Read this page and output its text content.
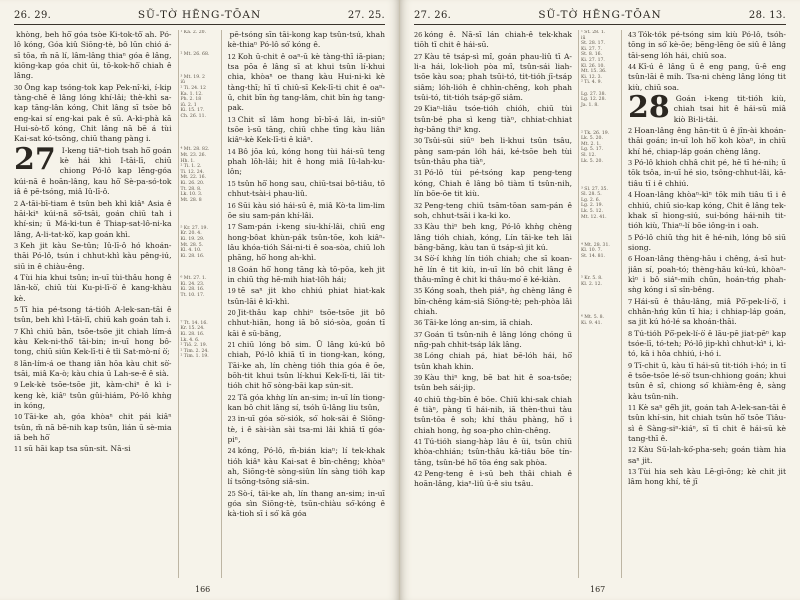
26. 29.	SŨ-TÒ͘ HĒNG-TŌAN	27. 25.

khòng, beh hō͘ góa tsòe Ki-tok-tô͘ ah. Pó-lô kóng, Góa kiû Siōng-tè, bô lūn chió á-sī tōa, m̄ nā lí, lâm-lâng thiaⁿ góa ê lâng, kiōng-kap góa chit ūi, tō-kok-hô͘ chiah ê lâng.

30 Ông kap tsóng-tok kap Pek-nî-ki, í-kip tàng-chē ê lâng lóng khí-lâi; thè-khì sa-kap tāng-lân kóng, Chit lâng sī tsòe bô eng-kai sí eng-kai pak ê sū. A-ki-phà kā Hui-sò-tô͘ kóng, Chit lâng nā bē á tùi Kai-sat kó-tsōng, chiū thang pàng i.

27 I-keng tiāⁿ-tioh tsah hō͘ goán kè hái khì I-tāi-lī, chiū chiong Pó-lô kap lēng-góa kúi-nā ê hoān-lâng, kau hō͘ Sè-pa-só-tok iâ ê pē-tsóng, miâ Iû-lī-ô.

2 A-tāi-bī-tiam ê tsûn beh khì kiâⁿ Asia ê hāi-kiⁿ kúi-nā sō͘-tsāi, goán chiū tah i khí-sin; ū Má-ki-tun ê Thiap-sat-lô-ni-ka lâng, A-li-tat-kò͘, kap goán khì.

3 Keh jit kàu Se-tûn; Iû-lī-ô hó khoán-thāi Pó-lô, tsún i chhut-khì kàu pêng-iú, siū in ê chiàu-êng.

4 Tùi hia khui tsûn; in-uī tùi-thâu hong ê lân-kò͘, chiū tùi Ku-pi-lī-ò͘ ê kang-khàu kè.

5 Tī hia pé-tsong tá-tióh A-lek-san-tāi ê tsûn, beh khì I-tāi-lī, chiū kah goán tah i.

7 Khì chiū bān, tsōe-tsōe jit chiah lím-á kàu Kek-ni-thô͘ tāi-bin; in-uī hong bô-tong, chiū siûn Kek-lī-ti ê tîi Sat-mò-ní ò͘;

8 lān-lím-á oe thang iân hōa kàu chit sò͘-tsāi, miâ Ka-ò; kàu chia ū Lah-se-ē ê sià.

9 Lek-kè tsōe-tsōe jit, kàm-chiⁿ ê kì i-keng kè, kiâⁿ tsûn gûi-hiám, Pó-lô khǹg in kóng,

10 Tāi-ke ah, góa khòaⁿ chit pái kiâⁿ tsûn, m̄ nā bē-nih kap tsûn, lián ū sè-mia iā beh hō͘

11 sū hāi kap tsa sūn-sit. Nā-si

¹ Ka. 2. 20.

² Mt. 26. 68.

³ Mt. 19. 2
iū
² Ti. 24. 12
Ka. 1. 12.
Ph. 2. 18
iū. 2. 1
Ki. 15. 17.
Ch. 26. 11.

⁴ Mt. 28. 82.
Mt. 23. 26.
Hh. 1.
² Ti. 1. 2.
Ti. 12. 24.
Mt. 22. 16.
Ki. 26. 20.
Tt. 28. 8.
Lk. 10. 3.
Mt. 28. 8

⁵ Kr. 27. 19.
Kr. 20. 4.
Ki. 19. 29.
Mt. 28. 5.
Kl. 4. 10.
Ki. 28. 16.

⁶ Mt. 27. 1.
Ki. 24. 23.
Ki. 28. 16.
Tt. 10. 17.

⁷ Tt. 14. 16.
Kr. 15. 24.
Ki. 28. 16.
Lk. 4. 6.
² Tiō. 2. 19.
² Tim. 2. 24.
² Tim. 1. 19.

pē-tsóng sīn tāi-kong kap tsûn-tsú, khah kè-thiaⁿ Pó-lô só͘ kóng ê.

12 Koh ū-chit ê oaⁿ-ū kè tàng-thī iā-pian; tsa pōa ê lâng sī at khui tsûn lí-khui chia, khòaⁿ oe thang kàu Hui-ni-ki kè tàng-thī; hī tī chiû-sī Kek-lī-ti chit ê oaⁿ-ū, chit bīn ǹg tang-lâm, chit bīn ǹg tang-pak.

13 Chit sî lâm hong bī-bī-á lâi, in-siūⁿ tsōe ì-sū tāng, chiū chhe tīng kàu liân kiâⁿ-kè Kek-lī-ti ê kiâⁿ.

14 Bô jōa kú, kóng hong tùi hái-sū teng phah lōh-lâi; hit ê hong miâ Iû-lah-ku-lôn;

15 tsûn hō͘ hong sau, chiū-tsai bô-tiâu, tō chhut-tsài-i phau-liû.

16 Sūi kàu sió hái-sū ê, miâ Kò-ta lim-lim ōe siu sam-pán khí-lâi.

17 Sam-pán i-keng siu-khí-lâi, chiū eng hong-bôat khùn-pák tsûn-tōe, koh kiâⁿ-lâu khóa-tióh Sái-ni-ti ê soa-sòa, chiū loh phāng, hō͘ hong ah-khì.

18 Goán hō͘ hong tāng kà tō-pōa, keh jit in chiū tǹg hē-mih hiat-lōh hái;

19 tē saⁿ jit kho chhiú phiat hiat-kak tsûn-lāi ê kī-khì.

20 Jit-thâu kap chhiⁿ tsōe-tsōe jit bô chhut-hiān, hong iā bô sió-sòa, goán tī kāi ê sū-bāng,

21 chiū lóng bô sim. Ū lâng kú-kú bô chiah, Pó-lô khiā tī in tiong-kan, kóng, Tāi-ke ah, lín chèng tióh thia góa ê ōe, bōh-tit khui tsûn lí-khui Kek-lī-ti, lāi tit-tióh chit hō͘ sòng-bāi kap sún-sit.

22 Tā góa khǹg lín an-sim; in-uī lín tiong-kan bô chit lâng sí, tsóh ū-lâng liu tsûn,

23 in-uī góa sò͘-siók, só͘ hok-sāi ê Siōng-tè, i ê sài-iàn sài tsa-mi lâi khiā tī góa-piⁿ,

24 kóng, Pó-lô, m̄-bián kiaⁿ; lí tek-khak tióh kiâⁿ kàu Kai-sat ê bīn-chêng; khòaⁿ ah, Siōng-tè sòng-siûn lín sàng tióh kap lí tsōng-tsōng siâ-sin.

25 Sò-í, tāi-ke ah, lín thang an-sim; in-uī góa sìn Siōng-tè, tsūn-chiàu só͘-kóng ê kà-tioh sī i só͘ kā góa

166
27. 26.	SŨ-TÒ͘ HĒNG-TŌAN	28. 13.

26 kóng ê. Nā-sī lán chiah-ê tek-khak tiōh tī chit ê hái-sū.

27 Kàu tē tsáp-sì mî, goán phau-liû tī A-li-a hái, lok-lioh pòa mî, tsûn-sái liah-tsōe kàu soa; phah tsūi-tó, tit-tióh jī-tsáp siâm; lóh-lióh ê chhìn-chēng, koh phah tsûi-tó, tit-tióh tsáp-gō͘ siâm.

29 Kiaⁿ-liâu tsóe-tióh chióh, chiū tùi tsûn-bé pha sì keng tiàⁿ, chhiat-chhiat ǹg-bāng thiⁿ kng.

30 Tsûi-sūi siūⁿ beh li-khui tsûn tsâu, pàng sam-pán lóh hái, ké-tsōe beh tùi tsûn-thâu pha tiàⁿ,

31 Pó-lô tùi pé-tsóng kap peng-teng kóng, Chiah ê lâng bô tiàm tī tsûn-nih, lín bōe-ōe tit kiù.

32 Peng-teng chiū tsām-tōan sam-pán ê soh, chhut-tsāi i ka-ki ko.

33 Kàu thiⁿ beh kng, Pó-lô khǹg chèng lâng tióh chiah, kóng, Lín tāi-ke teh lāi bāng-bāng, kàu tan ū tsáp-sì jit kú.

34 Sò͘-í khǹg lín tióh chiah; che sī koan-hē lín ê tit kiù, in-uī lín bô chit lâng ê thâu-mîng ê chit ki thâu-mo͘ ē ké-kiàn.

35 Kóng soah, theh piáⁿ, ǹg chèng lâng ê bīn-chêng kám-siā Siōng-tè; peh-phòa lâi chiah.

36 Tāi-ke lóng an-sim, iā chiah.

37 Goán tī tsûn-nih ê lâng lóng chóng ū nñg-pah chhit-tsáp lák lâng.

38 Lóng chiah pá, hiat bē-lóh hái, hō͘ tsûn khah khin.

39 Kàu thiⁿ kng, bē bat hit ê soa-tsôe; tsûn beh sái-jip.

40 chiū tǹg-bīn ê bōe. Chiū khi-sak chiah ê tiàⁿ, pàng tī hái-nih, iā thèn-thui tàu tsûn-tōa ê soh; khí thâu phàng, hō͘ i chiah hong, ǹg soa-pho chìn-chêng.

41 Tú-tióh siang-hàp lâu ê ūi, tsûn chiū khòa-chhián; tsûn-thâu kā-tiâu bōe tín-tāng, tsûn-bé hō͘ tōa éng sak phòa.

42 Peng-teng ê i-sū beh thâi chiah ê hoān-lâng, kiaⁿ-liû ū-ê siu tsâu.

¹ St. 28. 1.
iū
St. 28. 17.
Ki. 27. 7.
St. 8. 16.
Ki. 27. 17.
Kl. 26. 10.
Mt. 15. 36.
Ki. 12. 3.
² Ti. 4. 9.

Lg. 27. 38.
Lg. 12. 28.
Ja. 1. 8.

² Tk. 26. 19.
Lk. 5. 20.
Mt. 2. 1.
Lg. 5. 17.
Sl. 12.
Lk. 5. 20.

³ Sl. 27. 35.
Sl. 28. 5.
Lg. 2. 6.
Lg. 2. 19.
Lk. 5. 12.
Mt. 12. 41.

⁴ Mt. 28. 31.
Kl. 10. 7.
St. 14. 81.

⁵ Kr. 5. 8.
Kl. 2. 12.

⁶ Mt. 5. 8.
Ki. 9. 41.

43 Tók-tók pé-tsóng sim kiù Pó-lô, tsóh-tōng in só͘ kè-ōe; bēng-lēng ōe siû ê lâng tāi-seng lóh hái, chiū soa.

44 Kî-ú ê lâng ū ê eng pang, ū-ê eng tsûn-lāi ê mih. Tsa-ni chèng lâng lóng tit kiù, chiū soa.

28 Goán i-keng tit-tióh kiù, chiah tsai hit ê hái-sū miâ kiò Bi-li-tâi.

2 Hoan-lâng êng hān-tit ū ê jîn-ài khoán-thāi goán; in-uī loh hō͘ koh kòaⁿ, in chiū khí hé, chiap-láp goán chèng lâng.

3 Pó-lô khioh chhâ chit pé, hē tī hé-nih; ū tōk tsôa, in-uī hé sio, tsông-chhut-lâi, kā-tiâu tī i ê chhiú.

4 Hoan-lâng khòaⁿ-kìⁿ tōk mih tiâu tī i ê chhiú, chiū sio-kap kóng, Chit ê lâng tek-khak sī hiong-siú, sui-bóng hái-nih tit-tióh kiù, Thiaⁿ-lí bōe iông-in i oah.

5 Pó-lô chiū tǹg hit ê hé-nih, lóng bô siū siong.

6 Hoan-lâng thèng-hāu i chêng, á-sī hut-jiân sí, poah-tó; thèng-hāu kú-kú, khòaⁿ-kìⁿ i bô siáⁿ-mih chūn, hoán-tńg phah-sǹg kóng i sī sîn-bêng.

7 Hái-sū ê thâu-lâng, miâ Pō͘-pek-lí-ò͘, i chhân-hńg kūn tī hia; i chhiap-láp goán, sa jit kú hó-lé sa khoán-thāi.

8 Tú-tióh Pō͘-pek-lí-ò͘ ê lāu-pē jiat-pēⁿ kap tsóe-lī, tó-teh; Pó-lô jip-khì chhut-kìⁿ i, kì-tó, kā i hôa chhiú, i-hó i.

9 Tī-chit ū, kàu tī hái-sū tit-tióh i-hó; in tī ē tsōe-tsōe lé-sò͘ tsun-chhiong goán; khui tsûn ê sî, chiong só͘ khiàm-êng ê, sàng kàu tsûn-nih.

11 Kè saⁿ gê͘h jit, goán tah A-lek-san-tāi ê tsûn khí-sin, hit chiah tsûn hō͘ tsōe Tiâu-sì ê Sàng-siⁿ-kiáⁿ, sī tī chit ê hái-sū kè tang-thī ê.

12 Kàu Sū-lah-kó͘-pha-seh; goán tiàm hia saⁿ jit.

13 Tùi hia seh kàu Lē-gì-ōng; kè chit jit lâm hong khí, tē jī

167
